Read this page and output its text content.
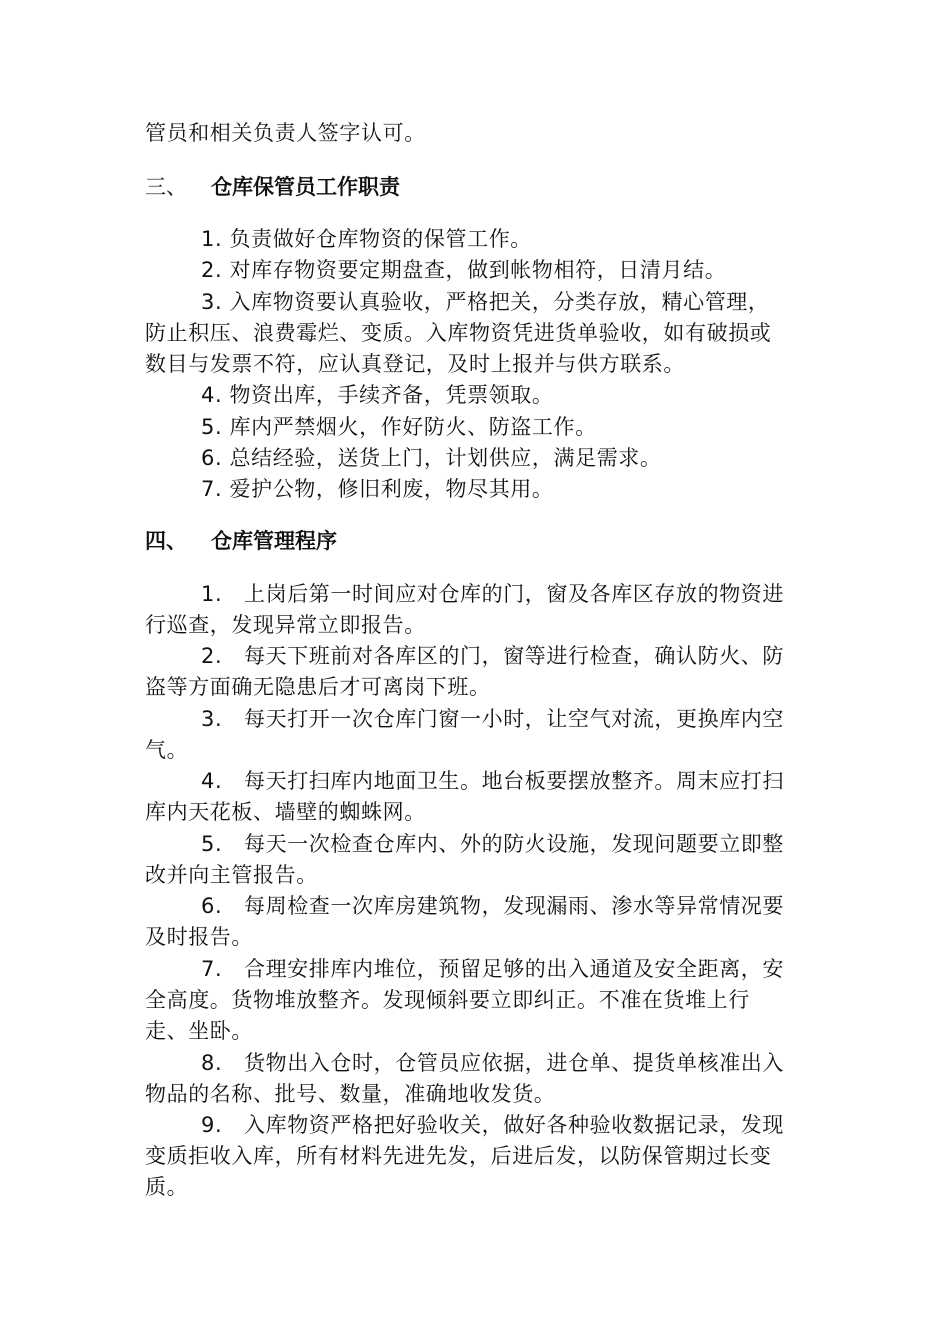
管员和相关负责人签字认可。
三、 仓库保管员工作职责
1. 负责做好仓库物资的保管工作。
2. 对库存物资要定期盘查，做到帐物相符，日清月结。
3. 入库物资要认真验收，严格把关，分类存放，精心管理，
防止积压、浪费霉烂、变质。入库物资凭进货单验收，如有破损或
数目与发票不符，应认真登记，及时上报并与供方联系。
4. 物资出库，手续齐备，凭票领取。
5. 库内严禁烟火，作好防火、防盗工作。
6. 总结经验，送货上门，计划供应，满足需求。
7. 爱护公物，修旧利废，物尽其用。
四、 仓库管理程序
1. 上岗后第一时间应对仓库的门，窗及各库区存放的物资进
行巡查，发现异常立即报告。
2. 每天下班前对各库区的门，窗等进行检查，确认防火、防
盗等方面确无隐患后才可离岗下班。
3. 每天打开一次仓库门窗一小时，让空气对流，更换库内空
气。
4. 每天打扫库内地面卫生。地台板要摆放整齐。周末应打扫
库内天花板、墙壁的蜘蛛网。
5. 每天一次检查仓库内、外的防火设施，发现问题要立即整
改并向主管报告。
6. 每周检查一次库房建筑物，发现漏雨、渗水等异常情况要
及时报告。
7. 合理安排库内堆位，预留足够的出入通道及安全距离，安
全高度。货物堆放整齐。发现倾斜要立即纠正。不准在货堆上行
走、坐卧。
8. 货物出入仓时，仓管员应依据，进仓单、提货单核准出入
物品的名称、批号、数量，准确地收发货。
9. 入库物资严格把好验收关，做好各种验收数据记录，发现
变质拒收入库，所有材料先进先发，后进后发，以防保管期过长变
质。
